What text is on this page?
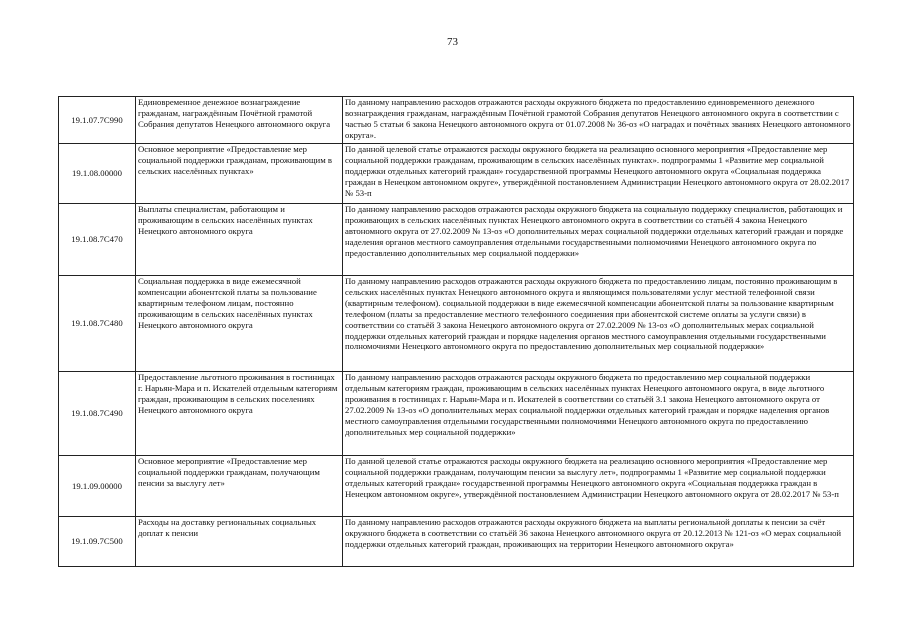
73
19.1.07.7С990	Единовременное денежное вознаграждение гражданам, награждённым Почётной грамотой Собрания депутатов Ненецкого автономного округа	По данному направлению расходов отражаются расходы окружного бюджета по предоставлению единовременного денежного вознаграждения гражданам, награждённым Почётной грамотой Собрания депутатов Ненецкого автономного округа в соответствии с частью 5 статьи 6 закона Ненецкого автономного округа от 01.07.2008 № 36-оз «О наградах и почётных званиях Ненецкого автономного округа».
19.1.08.00000	Основное мероприятие «Предоставление мер социальной поддержки гражданам, проживающим в сельских населённых пунктах»	По данной целевой статье отражаются расходы окружного бюджета на реализацию основного мероприятия «Предоставление мер социальной поддержки гражданам, проживающим в сельских населённых пунктах». подпрограммы 1 «Развитие мер социальной поддержки отдельных категорий граждан» государственной программы Ненецкого автономного округа «Социальная поддержка граждан в Ненецком автономном округе», утверждённой постановлением Администрации Ненецкого автономного округа от 28.02.2017 № 53-п
19.1.08.7С470	Выплаты специалистам, работающим и проживающим в сельских населённых пунктах Ненецкого автономного округа	По данному направлению расходов отражаются расходы окружного бюджета на социальную поддержку специалистов, работающих и проживающих в сельских населённых пунктах Ненецкого автономного округа в соответствии со статьёй 4 закона Ненецкого автономного округа от 27.02.2009 № 13-оз «О дополнительных мерах социальной поддержки отдельных категорий граждан и порядке наделения органов местного самоуправления отдельными государственными полномочиями Ненецкого автономного округа по предоставлению дополнительных мер социальной поддержки»
19.1.08.7С480	Социальная поддержка в виде ежемесячной компенсации абонентской платы за пользование квартирным телефоном лицам, постоянно проживающим в сельских населённых пунктах Ненецкого автономного округа	По данному направлению расходов отражаются расходы окружного бюджета по предоставлению лицам, постоянно проживающим в сельских населённых пунктах Ненецкого автономного округа и являющимся пользователями услуг местной телефонной связи (квартирным телефоном). социальной поддержки в виде ежемесячной компенсации абонентской платы за пользование квартирным телефоном (платы за предоставление местного телефонного соединения при абонентской системе оплаты за услуги связи) в соответствии со статьёй 3 закона Ненецкого автономного округа от 27.02.2009 № 13-оз «О дополнительных мерах социальной поддержки отдельных категорий граждан и порядке наделения органов местного самоуправления отдельными государственными полномочиями Ненецкого автономного округа по предоставлению дополнительных мер социальной поддержки»
19.1.08.7С490	Предоставление льготного проживания в гостиницах г. Нарьян-Мара и п. Искателей отдельным категориям граждан, проживающим в сельских поселениях Ненецкого автономного округа	По данному направлению расходов отражаются расходы окружного бюджета по предоставлению мер социальной поддержки отдельным категориям граждан, проживающим в сельских населённых пунктах Ненецкого автономного округа, в виде льготного проживания в гостиницах г. Нарьян-Мара и п. Искателей в соответствии со статьёй 3.1 закона Ненецкого автономного округа от 27.02.2009 № 13-оз «О дополнительных мерах социальной поддержки отдельных категорий граждан и порядке наделения органов местного самоуправления отдельными государственными полномочиями Ненецкого автономного округа по предоставлению дополнительных мер социальной поддержки»
19.1.09.00000	Основное мероприятие «Предоставление мер социальной поддержки гражданам, получающим пенсии за выслугу лет»	По данной целевой статье отражаются расходы окружного бюджета на реализацию основного мероприятия «Предоставление мер социальной поддержки гражданам, получающим пенсии за выслугу лет», подпрограммы 1 «Развитие мер социальной поддержки отдельных категорий граждан» государственной программы Ненецкого автономного округа «Социальная поддержка граждан в Ненецком автономном округе», утверждённой постановлением Администрации Ненецкого автономного округа от 28.02.2017 № 53-п
19.1.09.7С500	Расходы на доставку региональных социальных доплат к пенсии	По данному направлению расходов отражаются расходы окружного бюджета на выплаты региональной доплаты к пенсии за счёт окружного бюджета в соответствии со статьёй 36 закона Ненецкого автономного округа от 20.12.2013 № 121-оз «О мерах социальной поддержки отдельных категорий граждан, проживающих на территории Ненецкого автономного округа»
